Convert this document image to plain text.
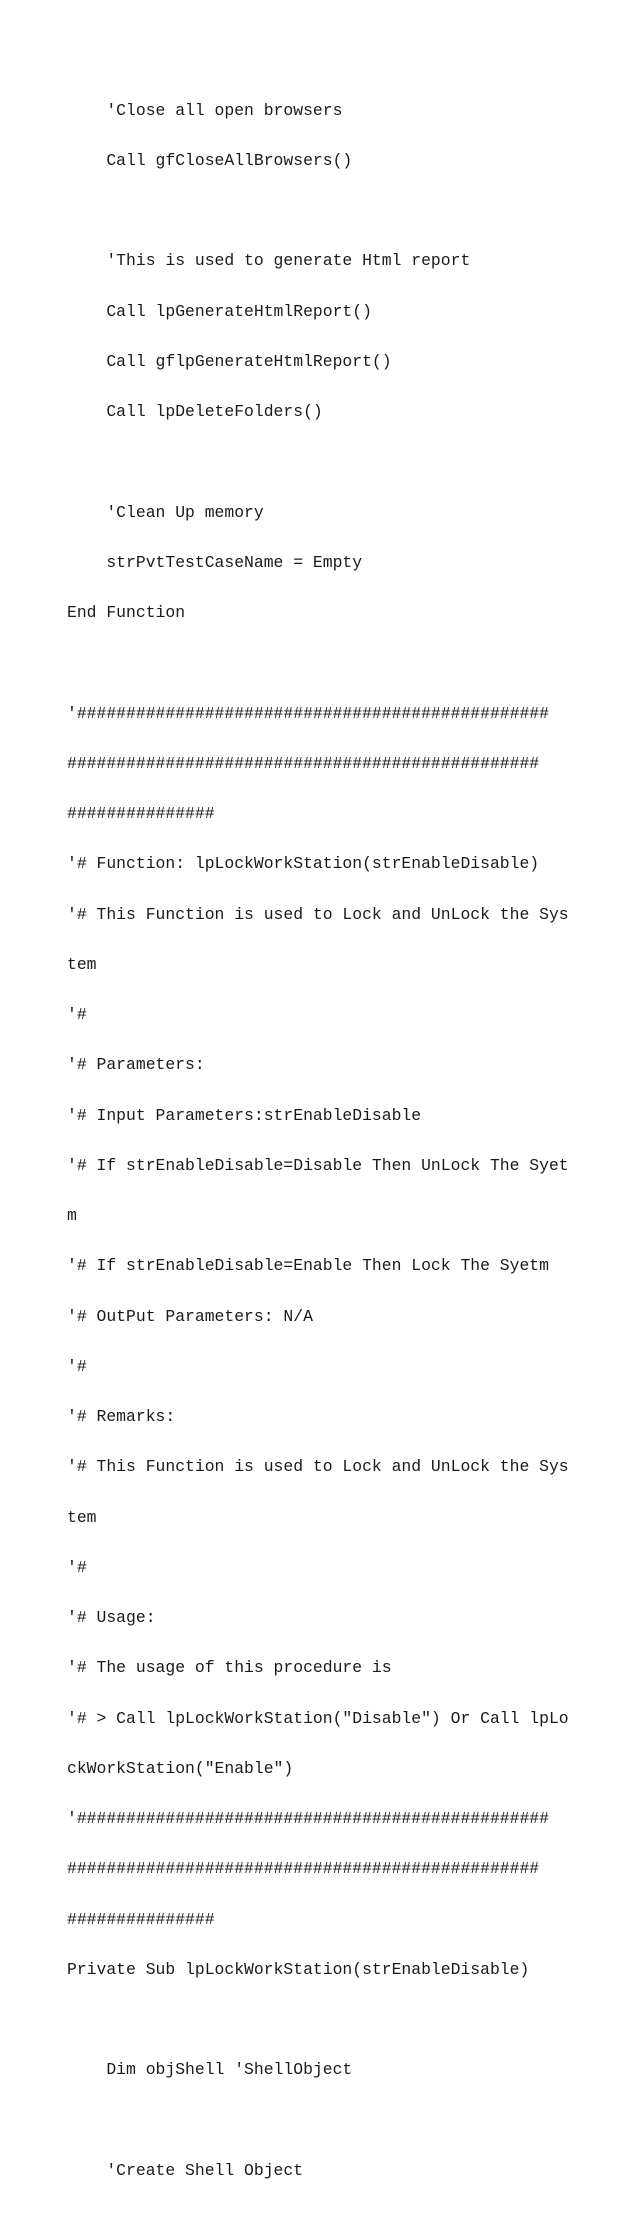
'Close all open browsers

Call gfCloseAllBrowsers()

'This is used to generate Html report

Call lpGenerateHtmlReport()

Call gflpGenerateHtmlReport()

Call lpDeleteFolders()

'Clean Up memory

strPvtTestCaseName = Empty

End Function

'################################################

################################################

###############

'# Function: lpLockWorkStation(strEnableDisable)

'# This Function is used to Lock and UnLock the Sys

tem

'#

'# Parameters:

'# Input Parameters:strEnableDisable

'# If strEnableDisable=Disable Then UnLock The Syet

m

'# If strEnableDisable=Enable Then Lock The Syetm

'# OutPut Parameters: N/A

'#

'# Remarks:

'# This Function is used to Lock and UnLock the Sys

tem

'#

'# Usage:

'# The usage of this procedure is

'# > Call lpLockWorkStation("Disable") Or Call lpLo

ckWorkStation("Enable")

'################################################

################################################

###############

Private Sub lpLockWorkStation(strEnableDisable)

Dim objShell 'ShellObject

'Create Shell Object
